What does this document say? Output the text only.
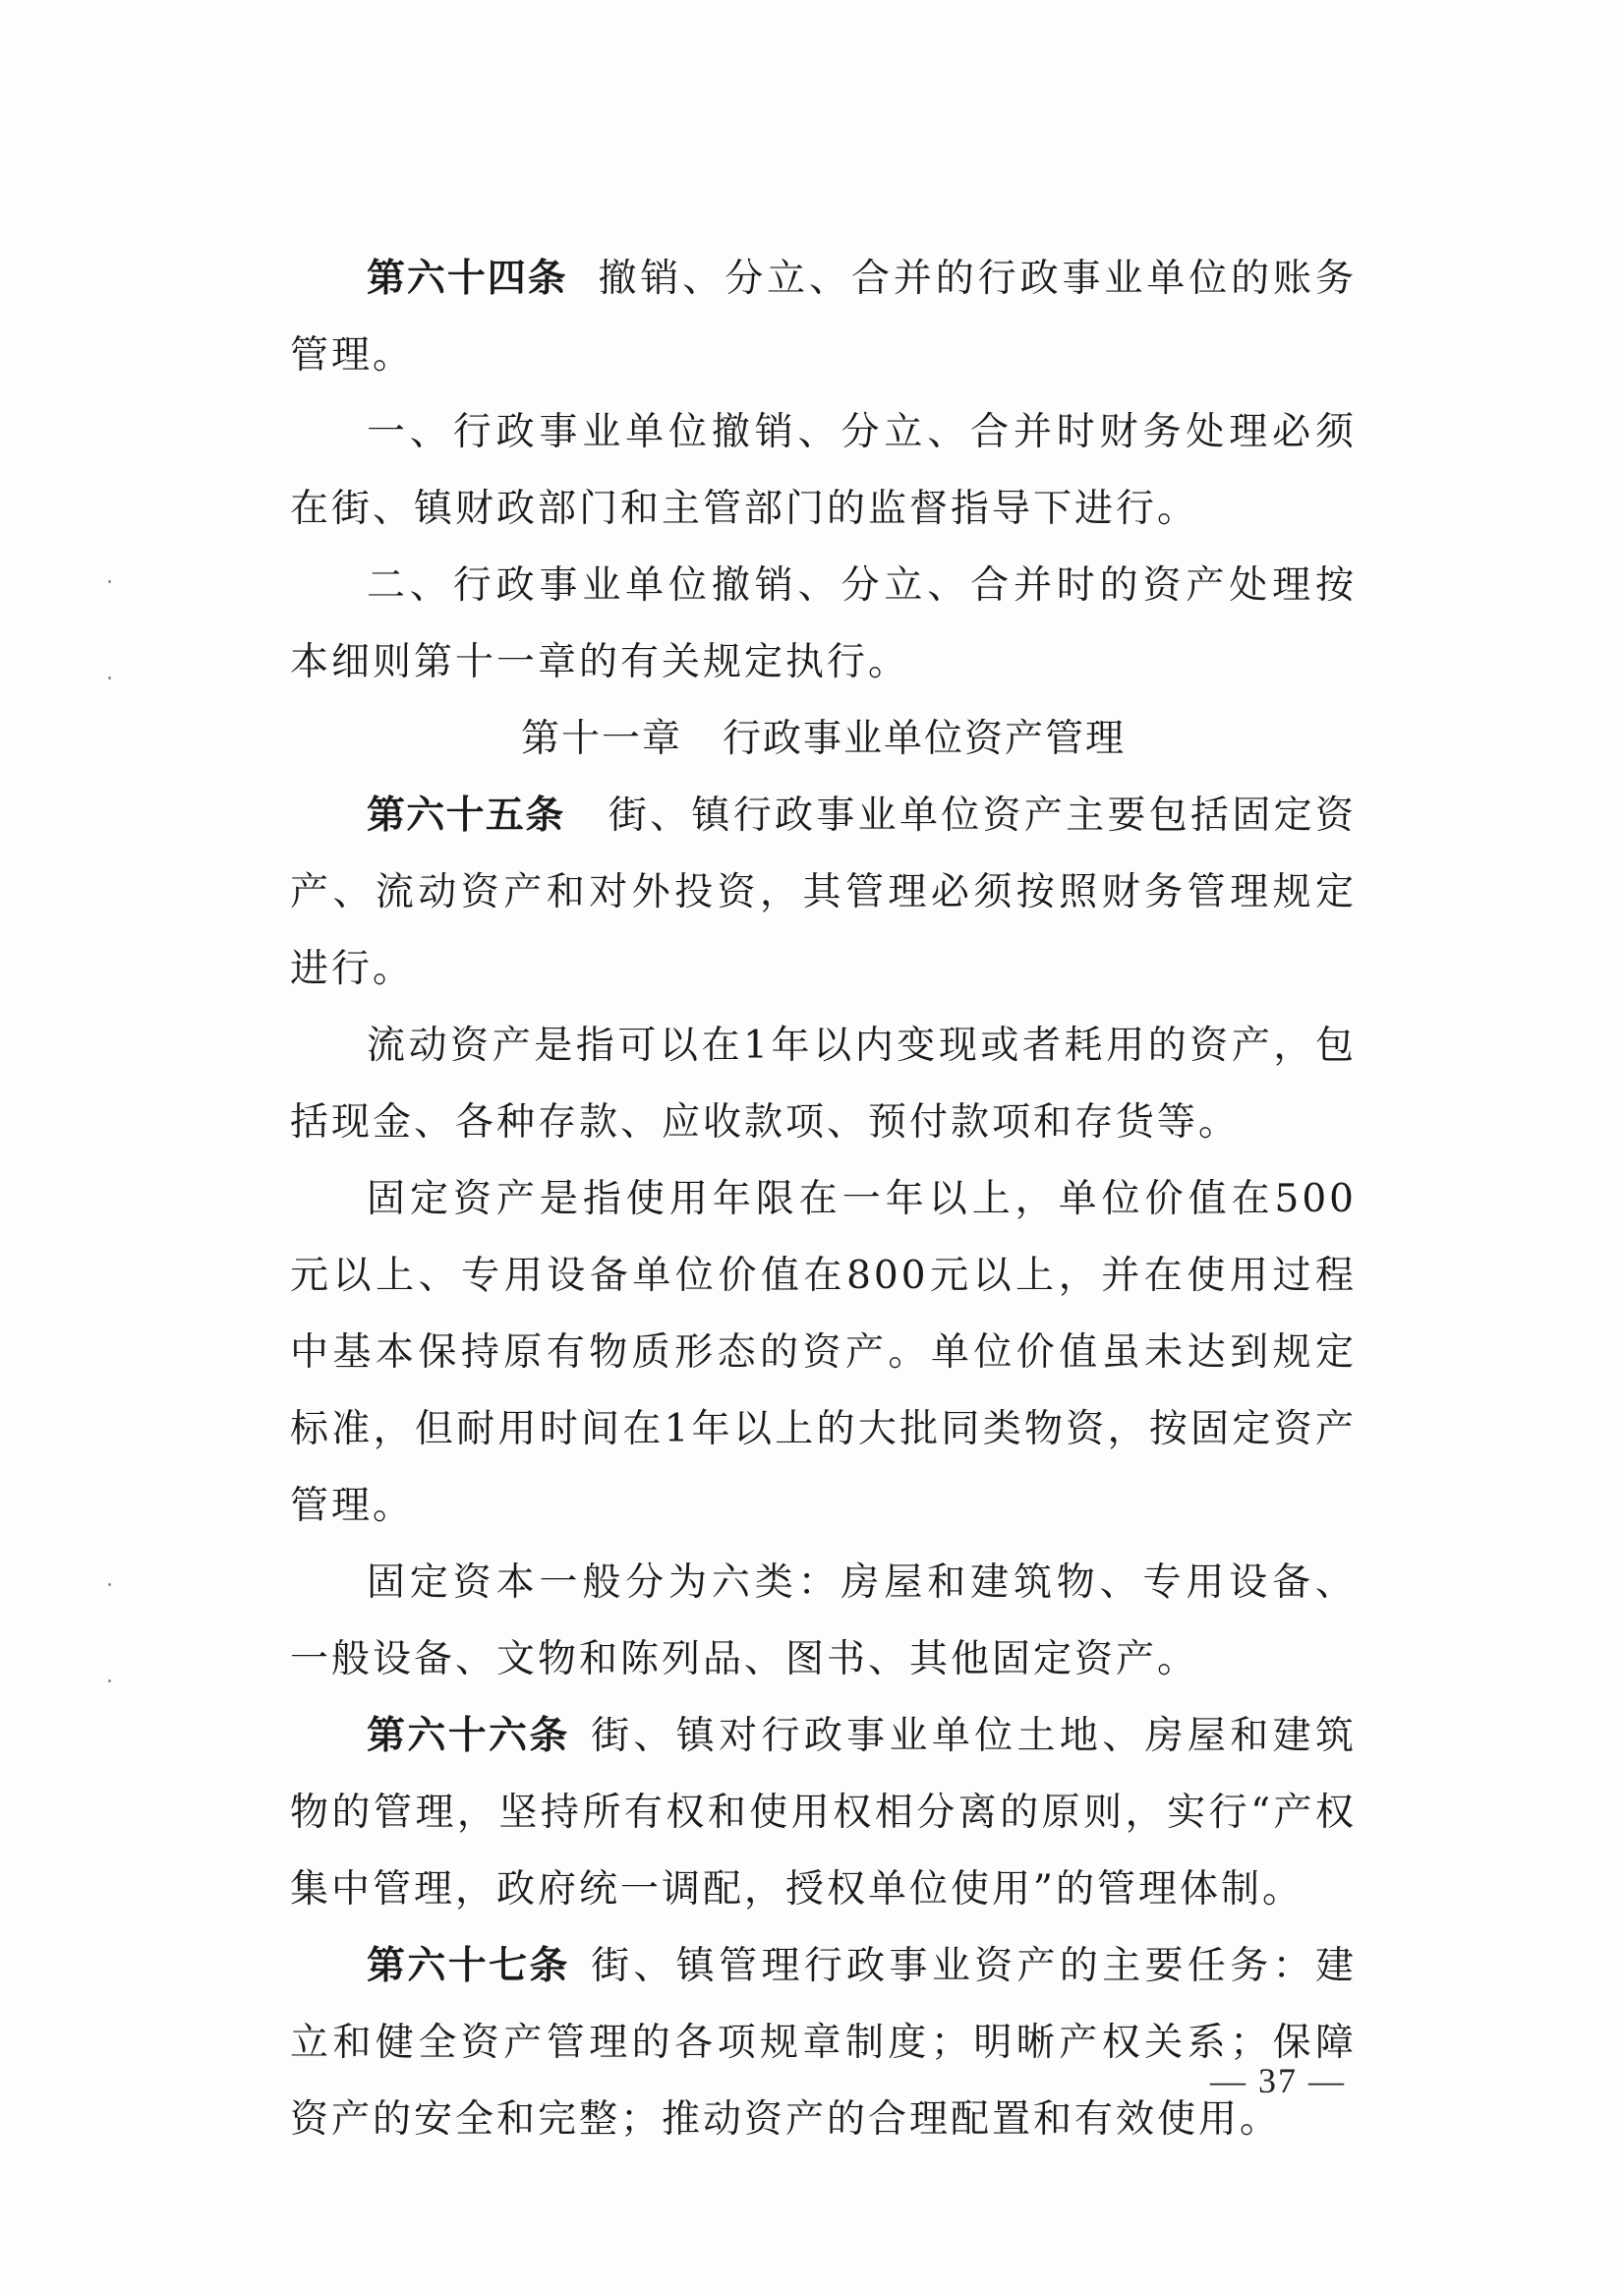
第六十四条 撤销、分立、合并的行政事业单位的账务管理。

一、行政事业单位撤销、分立、合并时财务处理必须在街、镇财政部门和主管部门的监督指导下进行。

二、行政事业单位撤销、分立、合并时的资产处理按本细则第十一章的有关规定执行。

第十一章　行政事业单位资产管理

第六十五条 街、镇行政事业单位资产主要包括固定资产、流动资产和对外投资，其管理必须按照财务管理规定进行。

流动资产是指可以在1年以内变现或者耗用的资产，包括现金、各种存款、应收款项、预付款项和存货等。

固定资产是指使用年限在一年以上，单位价值在500元以上、专用设备单位价值在800元以上，并在使用过程中基本保持原有物质形态的资产。单位价值虽未达到规定标准，但耐用时间在1年以上的大批同类物资，按固定资产管理。

固定资本一般分为六类：房屋和建筑物、专用设备、一般设备、文物和陈列品、图书、其他固定资产。

第六十六条 街、镇对行政事业单位土地、房屋和建筑物的管理，坚持所有权和使用权相分离的原则，实行“产权集中管理，政府统一调配，授权单位使用”的管理体制。

第六十七条 街、镇管理行政事业资产的主要任务：建立和健全资产管理的各项规章制度；明晰产权关系；保障资产的安全和完整；推动资产的合理配置和有效使用。

— 37 —
